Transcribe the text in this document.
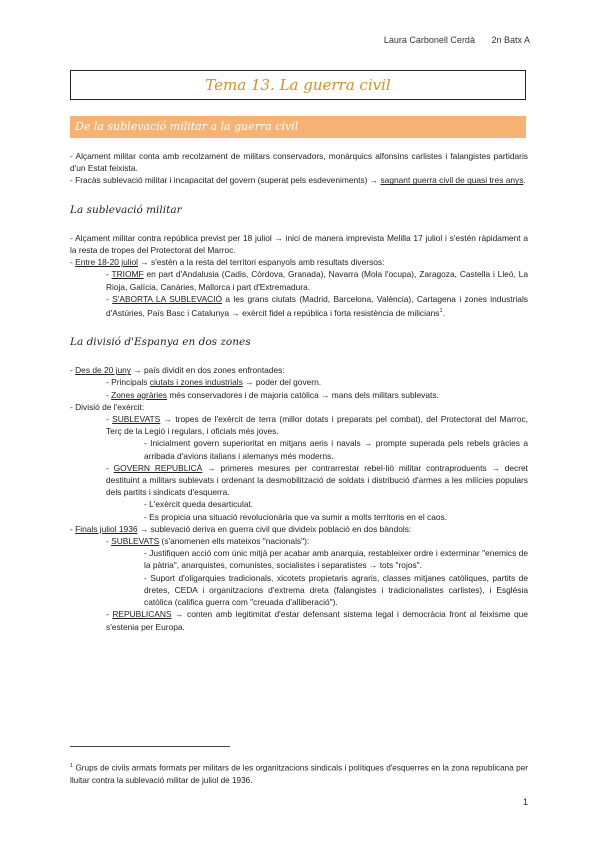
Laura Carbonell Cerdà 2n Batx A
Tema 13. La guerra civil
De la sublevació militar a la guerra civil

- Alçament militar conta amb recolzament de militars conservadors, monàrquics alfonsins carlistes i falangistes partidaris d'un Estat feixista.

- Fracàs sublevació militar i incapacitat del govern (superat pels esdeveniments) → sagnant guerra civil de quasi tres anys.

La sublevació militar

- Alçament militar contra república previst per 18 juliol → inici de manera imprevista Melilla 17 juliol i s'estén ràpidament a la resta de tropes del Protectorat del Marroc.

- Entre 18-20 juliol → s'estén a la resta del territori espanyols amb resultats diversos:

- TRIOMF en part d'Andalusia (Cadis, Còrdova, Granada), Navarra (Mola l'ocupa), Zaragoza, Castella i Lleó, La Rioja, Galícia, Canàries, Mallorca i part d'Extremadura.

- S'ABORTA LA SUBLEVACIÓ a les grans ciutats (Madrid, Barcelona, València), Cartagena i zones industrials d'Astúries, País Basc i Catalunya → exèrcit fidel a república i forta resistència de milicians$^1$.

La divisió d'Espanya en dos zones

- Des de 20 juny → país dividit en dos zones enfrontades:

- Principals ciutats i zones industrials → poder del govern.

- Zones agràries més conservadores i de majoria catòlica → mans dels militars sublevats.

- Divisió de l'exèrcit:

- SUBLEVATS → tropes de l'exèrcit de terra (millor dotats i preparats pel combat), del Protectorat del Marroc, Terç de la Legió i regulars, i oficials més joves.

- Inicialment govern superioritat en mitjans aeris i navals → prompte superada pels rebels gràcies a arribada d'avions italians i alemanys més moderns.

- GOVERN REPUBLICÀ → primeres mesures per contrarrestar rebel·lió militar contraproduents → decret destituint a militars sublevats i ordenant la desmobilització de soldats i distribució d'armes a les milícies populars dels partits i sindicats d'esquerra.

- L'exèrcit queda desarticulat.

- Es propicia una situació revolucionària que va sumir a molts territoris en el caos.

- Finals juliol 1936 → sublevació deriva en guerra civil que divideix població en dos bàndols:

- SUBLEVATS (s'anomenen ells mateixos "nacionals"):

- Justifiquen acció com únic mitjà per acabar amb anarquia, restableixer ordre i exterminar "enemics de la pàtria", anarquistes, comunistes, socialistes i separatistes → tots "rojos".

- Suport d'oligarquies tradicionals, xicotets propietaris agraris, classes mitjanes catòliques, partits de dretes, CEDA i organitzacions d'extrema dreta (falangistes i tradicionalistes carlistes), i Església catòlica (califica guerra com "creuada d'alliberació").

- REPUBLICANS → conten amb legitimitat d'estar defensant sistema legal i democràcia front al feixisme que s'estenia per Europa.

$^1$ Grups de civils armats formats per militars de les organitzacions sindicals i polítiques d'esquerres en la zona republicana per lluitar contra la sublevació militar de juliol de 1936.

1
